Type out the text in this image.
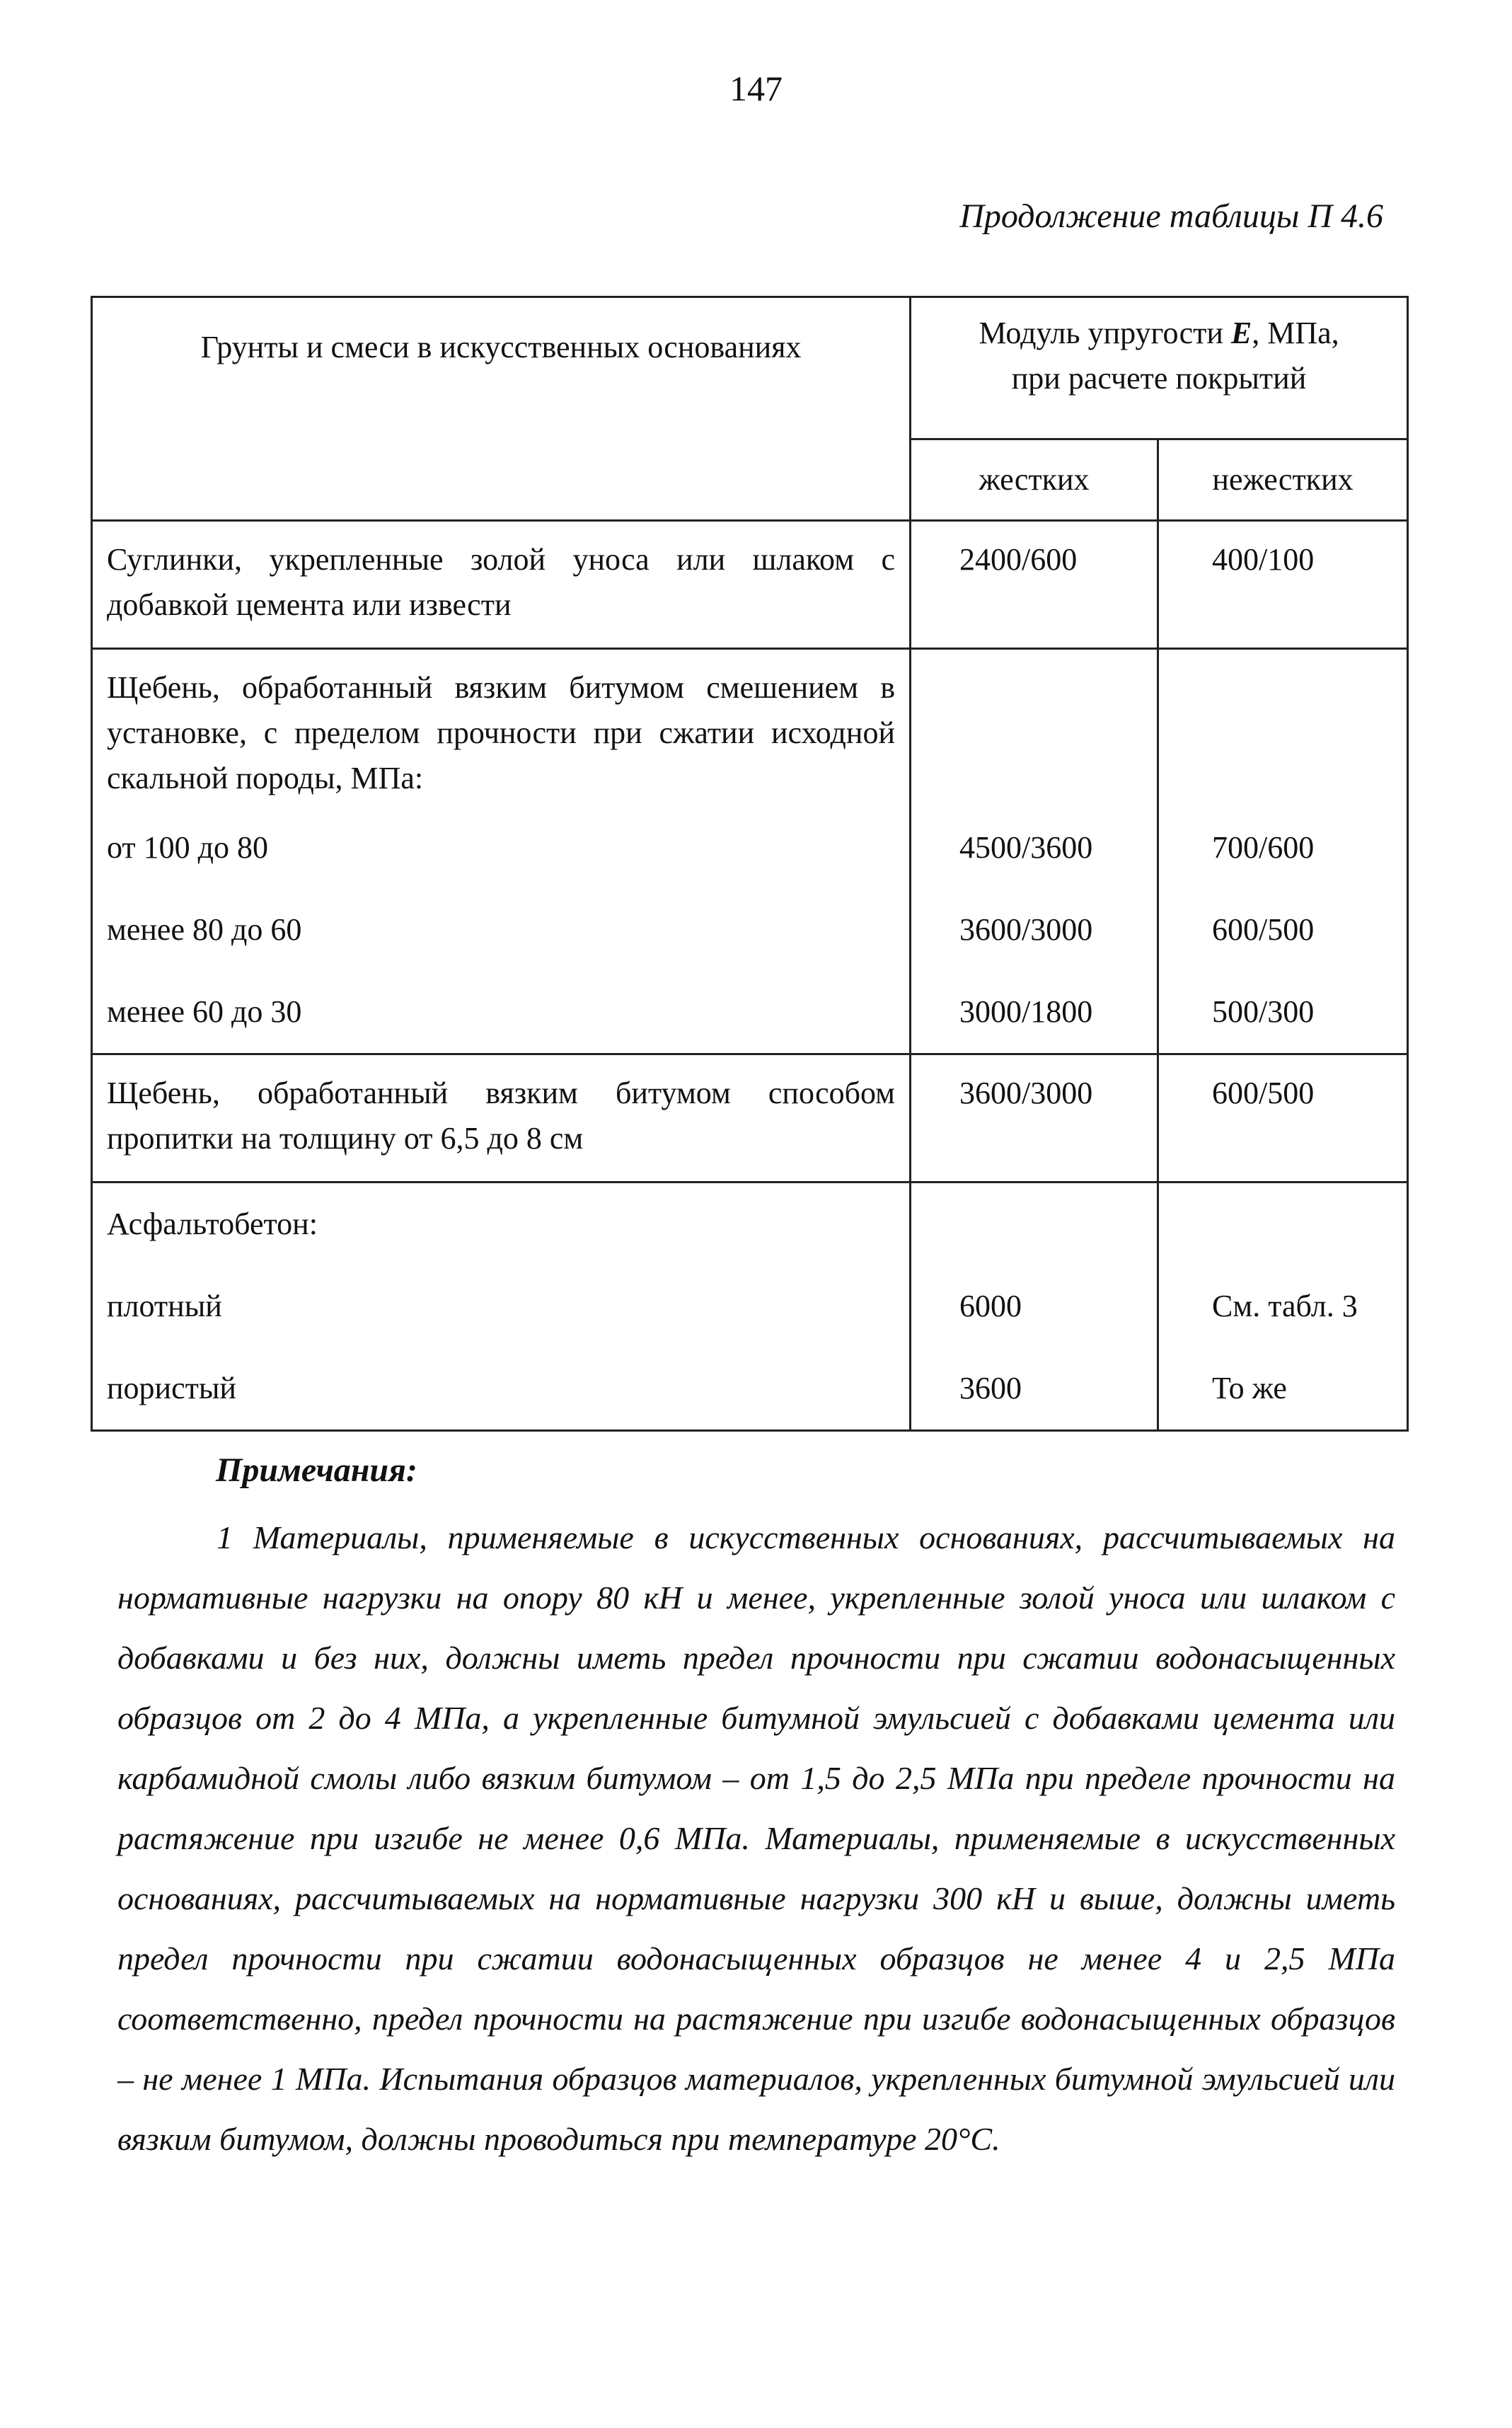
147
Продолжение таблицы П 4.6
Грунты и смеси в искусственных основаниях	Модуль упругости Е, МПа,
при расчете покрытий	

	жестких	нежестких
Суглинки, укрепленные золой уноса или шлаком с добавкой цемента или извести	2400/600	400/100
Щебень, обработанный вязким битумом смешением в установке, с пределом прочности при сжатии исходной скальной породы, МПа:		
от 100 до 80	4500/3600	700/600
менее 80 до 60	3600/3000	600/500
менее 60 до 30	3000/1800	500/300
Щебень, обработанный вязким битумом способом пропитки на толщину от 6,5 до 8 см	3600/3000	600/500
Асфальтобетон:		
плотный	6000	См. табл. 3
пористый	3600	То же
Примечания:
1 Материалы, применяемые в искусственных основаниях, рассчитываемых на нормативные нагрузки на опору 80 кН и менее, укрепленные золой уноса или шлаком с добавками и без них, должны иметь предел прочности при сжатии водонасыщенных образцов от 2 до 4 МПа, а укрепленные битумной эмульсией с добавками цемента или карбамидной смолы либо вязким битумом – от 1,5 до 2,5 МПа при пределе прочности на растяжение при изгибе не менее 0,6 МПа. Материалы, применяемые в искусственных основаниях, рассчитываемых на нормативные нагрузки 300 кН и выше, должны иметь предел прочности при сжатии водонасыщенных образцов не менее 4 и 2,5 МПа соответственно, предел прочности на растяжение при изгибе водонасыщенных образцов – не менее 1 МПа. Испытания образцов материалов, укрепленных битумной эмульсией или вязким битумом, должны проводиться при температуре 20°С.
